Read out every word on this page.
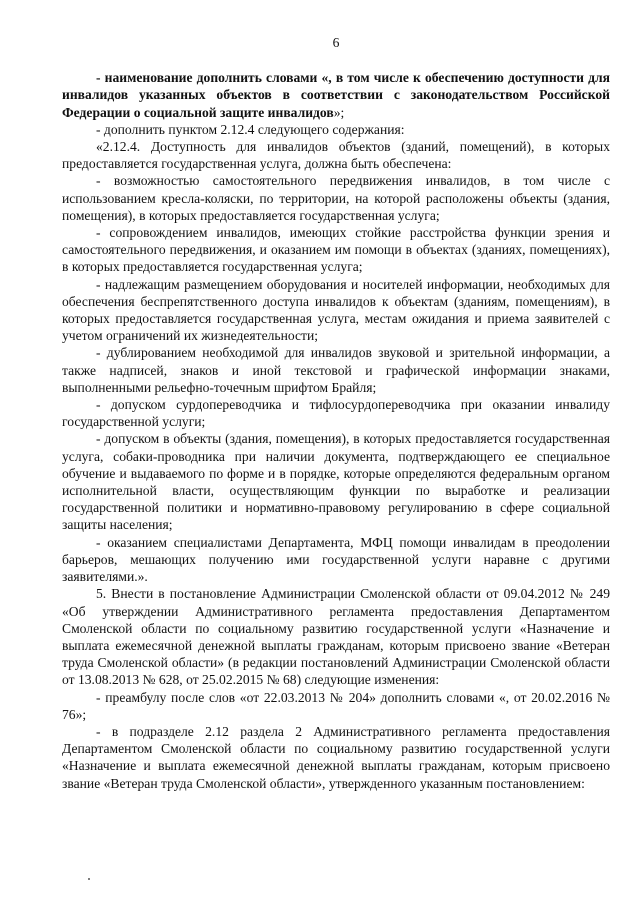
6

- наименование дополнить словами «, в том числе к обеспечению доступности для инвалидов указанных объектов в соответствии с законодательством Российской Федерации о социальной защите инвалидов»;

- дополнить пунктом 2.12.4 следующего содержания:

«2.12.4. Доступность для инвалидов объектов (зданий, помещений), в которых предоставляется государственная услуга, должна быть обеспечена:

- возможностью самостоятельного передвижения инвалидов, в том числе с использованием кресла-коляски, по территории, на которой расположены объекты (здания, помещения), в которых предоставляется государственная услуга;

- сопровождением инвалидов, имеющих стойкие расстройства функции зрения и самостоятельного передвижения, и оказанием им помощи в объектах (зданиях, помещениях), в которых предоставляется государственная услуга;

- надлежащим размещением оборудования и носителей информации, необходимых для обеспечения беспрепятственного доступа инвалидов к объектам (зданиям, помещениям), в которых предоставляется государственная услуга, местам ожидания и приема заявителей с учетом ограничений их жизнедеятельности;

- дублированием необходимой для инвалидов звуковой и зрительной информации, а также надписей, знаков и иной текстовой и графической информации знаками, выполненными рельефно-точечным шрифтом Брайля;

- допуском сурдопереводчика и тифлосурдопереводчика при оказании инвалиду государственной услуги;

- допуском в объекты (здания, помещения), в которых предоставляется государственная услуга, собаки-проводника при наличии документа, подтверждающего ее специальное обучение и выдаваемого по форме и в порядке, которые определяются федеральным органом исполнительной власти, осуществляющим функции по выработке и реализации государственной политики и нормативно-правовому регулированию в сфере социальной защиты населения;

- оказанием специалистами Департамента, МФЦ помощи инвалидам в преодолении барьеров, мешающих получению ими государственной услуги наравне с другими заявителями.».

5. Внести в постановление Администрации Смоленской области от 09.04.2012 № 249 «Об утверждении Административного регламента предоставления Департаментом Смоленской области по социальному развитию государственной услуги «Назначение и выплата ежемесячной денежной выплаты гражданам, которым присвоено звание «Ветеран труда Смоленской области» (в редакции постановлений Администрации Смоленской области от 13.08.2013 № 628, от 25.02.2015 № 68) следующие изменения:

- преамбулу после слов «от 22.03.2013 № 204» дополнить словами «, от 20.02.2016 № 76»;

- в подразделе 2.12 раздела 2 Административного регламента предоставления Департаментом Смоленской области по социальному развитию государственной услуги «Назначение и выплата ежемесячной денежной выплаты гражданам, которым присвоено звание «Ветеран труда Смоленской области», утвержденного указанным постановлением:
